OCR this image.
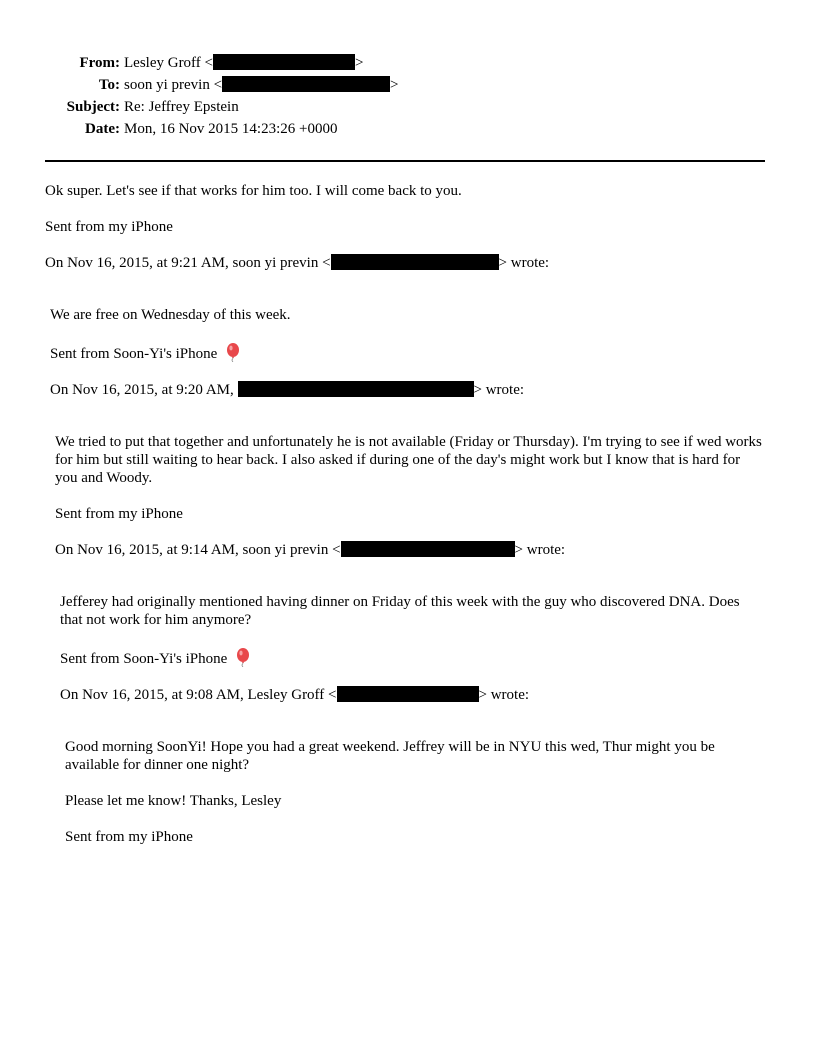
From: Lesley Groff <	>
To: soon yi previn <	>
Subject: Re: Jeffrey Epstein
Date: Mon, 16 Nov 2015 14:23:26 +0000

Ok super. Let's see if that works for him too. I will come back to you.

Sent from my iPhone

On Nov 16, 2015, at 9:21 AM, soon yi previn <	> wrote:

We are free on Wednesday of this week.

Sent from Soon-Yi's iPhone

On Nov 16, 2015, at 9:20 AM,	> wrote:

We tried to put that together and unfortunately he is not available (Friday or Thursday). I'm trying to see if wed works for him but still waiting to hear back. I also asked if during one of the day's might work but I know that is hard for you and Woody.

Sent from my iPhone

On Nov 16, 2015, at 9:14 AM, soon yi previn <	> wrote:

Jefferey had originally mentioned having dinner on Friday of this week with the guy who discovered DNA. Does that not work for him anymore?

Sent from Soon-Yi's iPhone

On Nov 16, 2015, at 9:08 AM, Lesley Groff <	> wrote:

Good morning SoonYi! Hope you had a great weekend. Jeffrey will be in NYU this wed, Thur might you be available for dinner one night?

Please let me know! Thanks, Lesley

Sent from my iPhone
